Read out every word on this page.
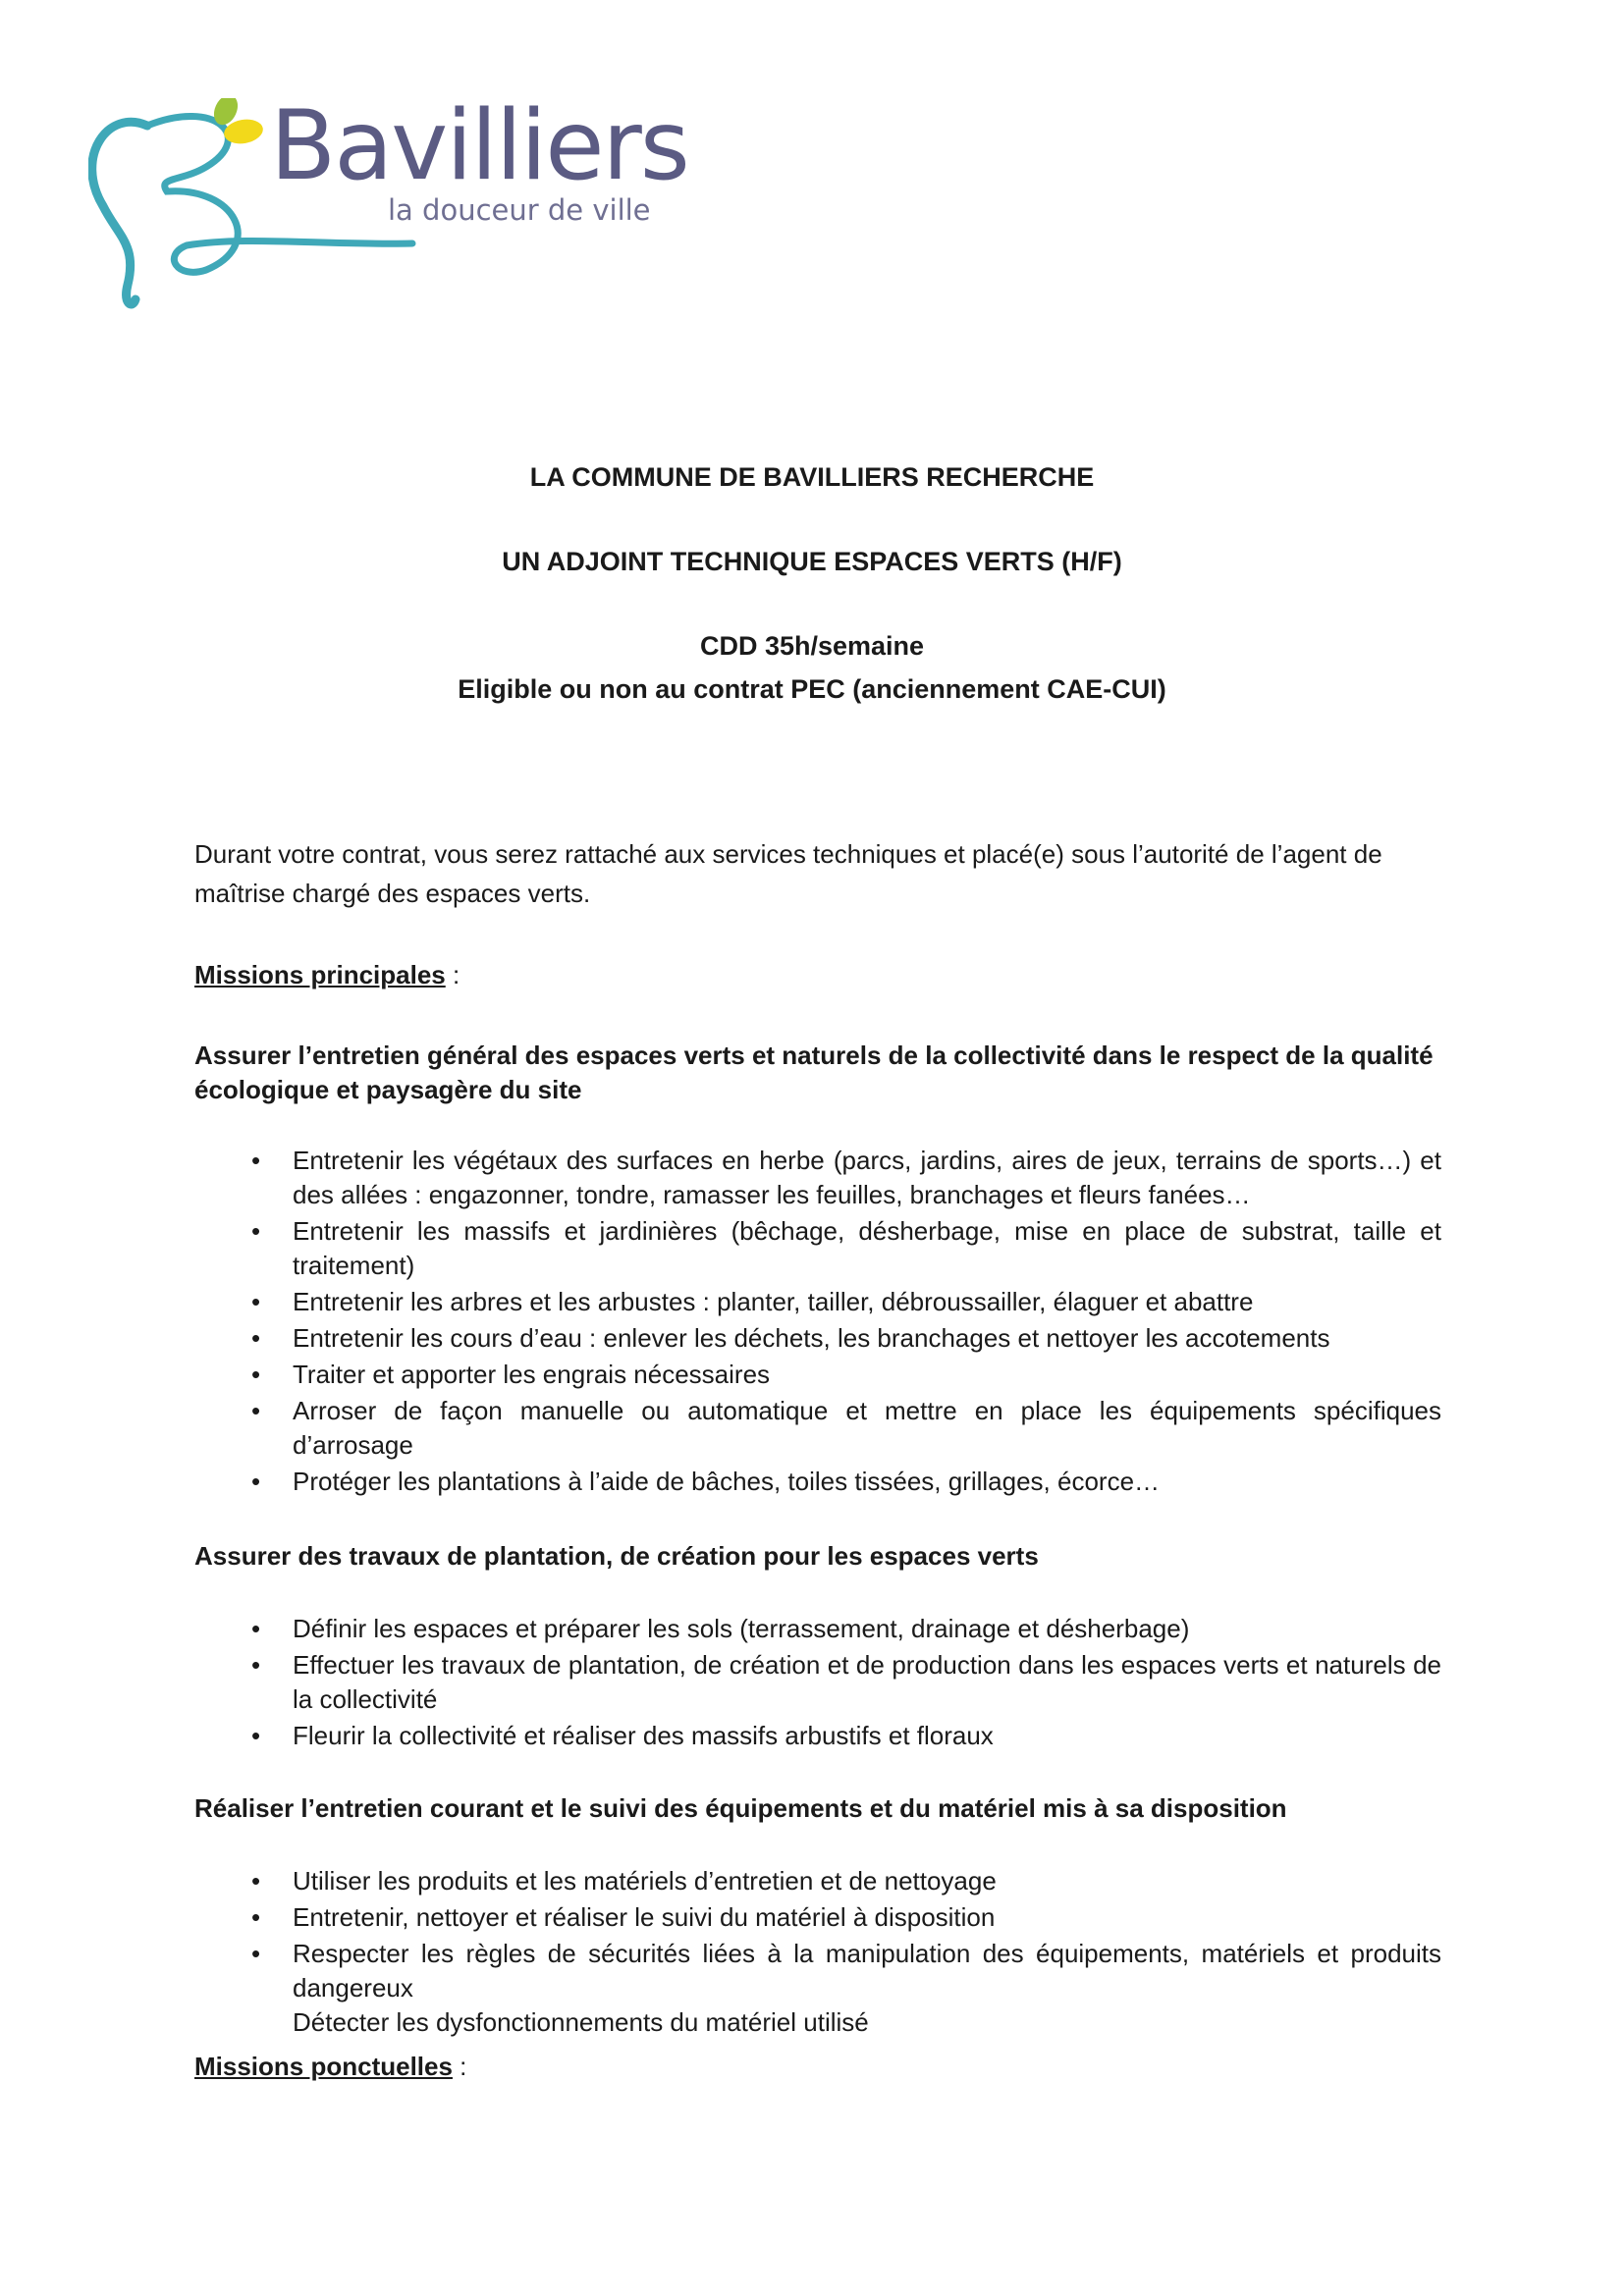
Bavilliers
la douceur de ville
LA COMMUNE DE BAVILLIERS RECHERCHE
UN ADJOINT TECHNIQUE ESPACES VERTS (H/F)
CDD 35h/semaine
Eligible ou non au contrat PEC (anciennement CAE-CUI)
Durant votre contrat, vous serez rattaché aux services techniques et placé(e) sous l’autorité de l’agent de maîtrise chargé des espaces verts.
Missions principales :
Assurer l’entretien général des espaces verts et naturels de la collectivité dans le respect de la qualité écologique et paysagère du site
• Entretenir les végétaux des surfaces en herbe (parcs, jardins, aires de jeux, terrains de sports…) et des allées : engazonner, tondre, ramasser les feuilles, branchages et fleurs fanées…
• Entretenir les massifs et jardinières (bêchage, désherbage, mise en place de substrat, taille et traitement)
• Entretenir les arbres et les arbustes : planter, tailler, débroussailler, élaguer et abattre
• Entretenir les cours d’eau : enlever les déchets, les branchages et nettoyer les accotements
• Traiter et apporter les engrais nécessaires
• Arroser de façon manuelle ou automatique et mettre en place les équipements spécifiques d’arrosage
• Protéger les plantations à l’aide de bâches, toiles tissées, grillages, écorce…
Assurer des travaux de plantation, de création pour les espaces verts
• Définir les espaces et préparer les sols (terrassement, drainage et désherbage)
• Effectuer les travaux de plantation, de création et de production dans les espaces verts et naturels de la collectivité
• Fleurir la collectivité et réaliser des massifs arbustifs et floraux
Réaliser l’entretien courant et le suivi des équipements et du matériel mis à sa disposition
• Utiliser les produits et les matériels d’entretien et de nettoyage
• Entretenir, nettoyer et réaliser le suivi du matériel à disposition
• Respecter les règles de sécurités liées à la manipulation des équipements, matériels et produits dangereux
Détecter les dysfonctionnements du matériel utilisé
Missions ponctuelles :
